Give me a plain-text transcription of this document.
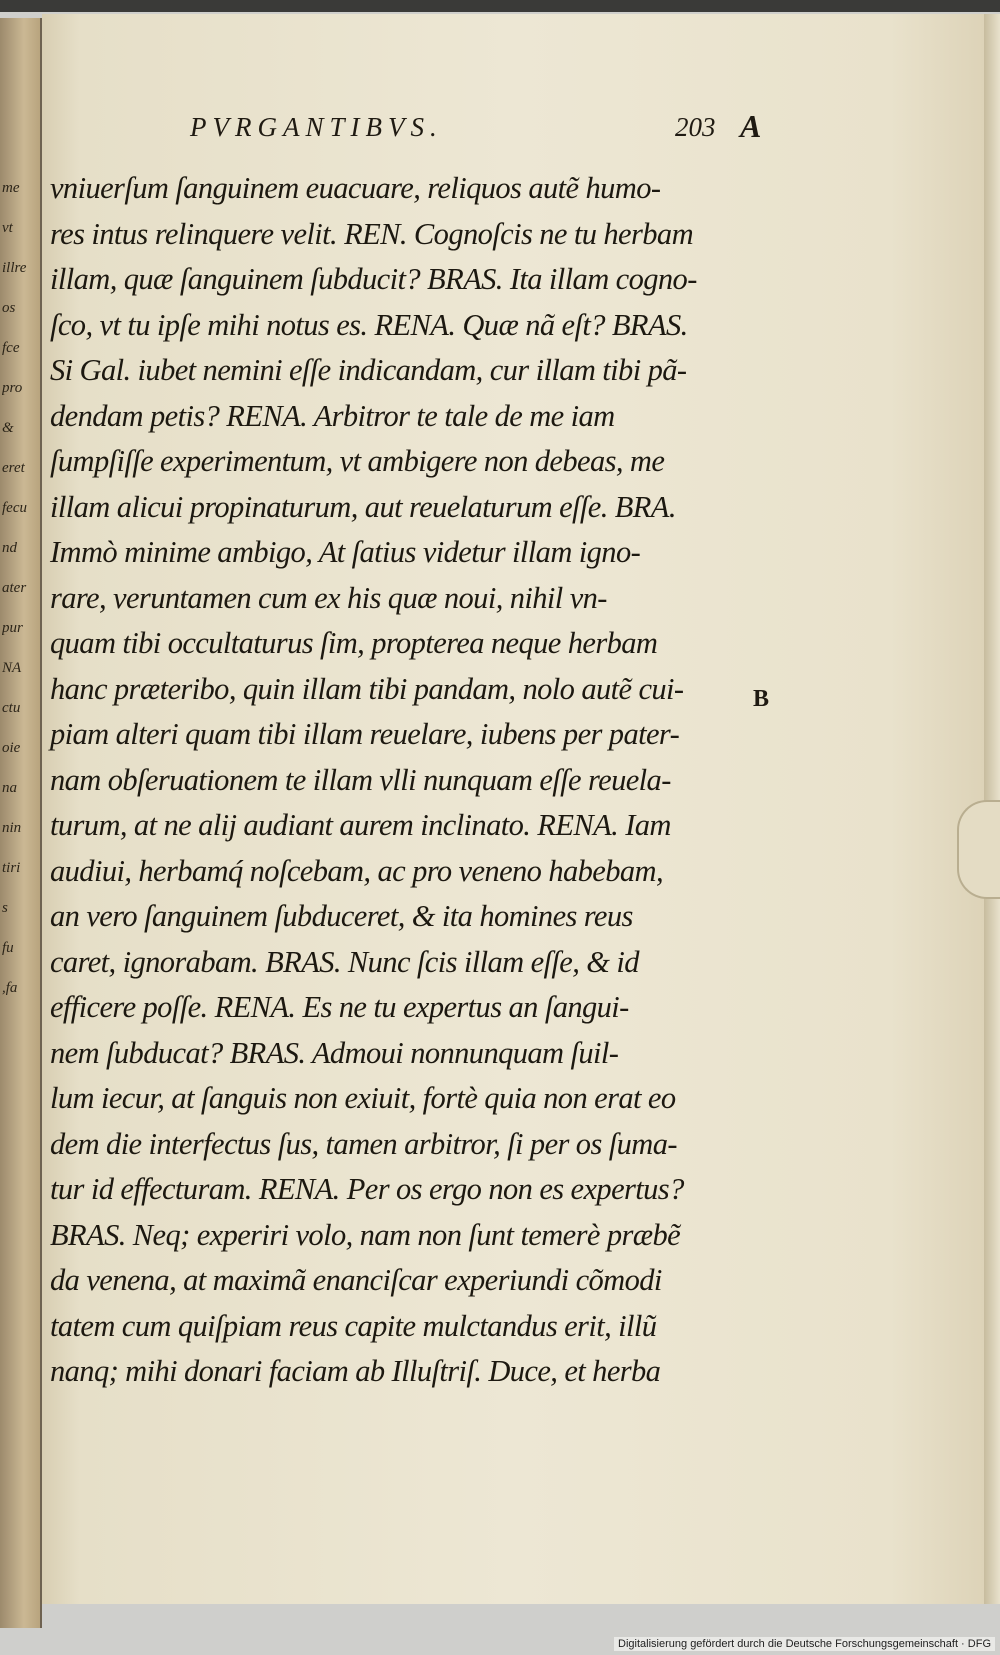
me
vt
illre
os
fce
pro
&
eret
fecu
nd
ater
pur
NA
ctu
oie
na
nin
tiri
s
fu
,fa
PVRGANTIBVS.	203 A
B
vniuerſum ſanguinem euacuare, reliquos autẽ humo-
res intus relinquere velit. REN. Cognoſcis ne tu herbam
illam, quæ ſanguinem ſubducit? BRAS. Ita illam cogno-
ſco, vt tu ipſe mihi notus es. RENA. Quæ nã eſt? BRAS.
Si Gal. iubet nemini eſſe indicandam, cur illam tibi pã-
dendam petis? RENA. Arbitror te tale de me iam
ſumpſiſſe experimentum, vt ambigere non debeas, me
illam alicui propinaturum, aut reuelaturum eſſe. BRA.
Immò minime ambigo, At ſatius videtur illam igno-
rare, veruntamen cum ex his quæ noui, nihil vn-
quam tibi occultaturus ſim, propterea neque herbam
hanc præteribo, quin illam tibi pandam, nolo autẽ cui-
piam alteri quam tibi illam reuelare, iubens per pater-
nam obſeruationem te illam vlli nunquam eſſe reuela-
turum, at ne alij audiant aurem inclinato. RENA. Iam
audiui, herbamq́ noſcebam, ac pro veneno habebam,
an vero ſanguinem ſubduceret, & ita homines reus
caret, ignorabam. BRAS. Nunc ſcis illam eſſe, & id
efficere poſſe. RENA. Es ne tu expertus an ſangui-
nem ſubducat? BRAS. Admoui nonnunquam ſuil-
lum iecur, at ſanguis non exiuit, fortè quia non erat eo
dem die interfectus ſus, tamen arbitror, ſi per os ſuma-
tur id effecturam. RENA. Per os ergo non es expertus?
BRAS. Neq; experiri volo, nam non ſunt temerè præbẽ
da venena, at maximã enanciſcar experiundi cõmodi
tatem cum quiſpiam reus capite mulctandus erit, illũ
nanq; mihi donari faciam ab Illuſtriſ. Duce, et herba
Digitalisierung gefördert durch die Deutsche Forschungsgemeinschaft · DFG
